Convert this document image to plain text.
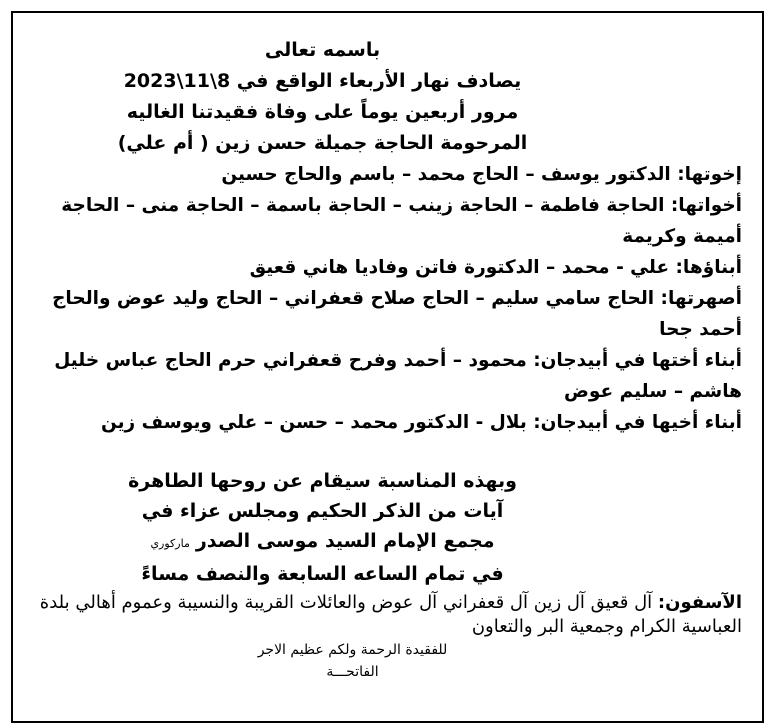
باسمه تعالى
يصادف نهار الأربعاء الواقع في 8\11\2023
مرور أربعين يوماً على وفاة فقيدتنا الغاليه
المرحومة الحاجة جميلة حسن زين ( أم علي)
إخوتها: الدكتور يوسف – الحاج محمد – باسم والحاج حسين
أخواتها: الحاجة فاطمة – الحاجة زينب – الحاجة باسمة – الحاجة منى – الحاجة أميمة وكريمة
أبناؤها: علي - محمد – الدكتورة فاتن وفاديا هاني قعيق
أصهرتها: الحاج سامي سليم – الحاج صلاح قعفراني – الحاج وليد عوض والحاج أحمد جحا
أبناء أختها في أبيدجان: محمود – أحمد وفرح قعفراني حرم الحاج عباس خليل هاشم – سليم عوض
أبناء أخيها في أبيدجان: بلال - الدكتور محمد – حسن – علي ويوسف زين
وبهذه المناسبة سيقام عن روحها الطاهرة
آيات من الذكر الحكيم ومجلس عزاء في
مجمع الإمام السيد موسى الصدرماركوري
في تمام الساعه السابعة والنصف مساءً
الآسفون: آل قعيق آل زين آل قعفراني آل عوض والعائلات القريبة والنسيبة وعموم أهالي بلدة العباسية الكرام وجمعية البر والتعاون
للفقيدة الرحمة ولكم عظيم الاجر
الفاتحـــة
